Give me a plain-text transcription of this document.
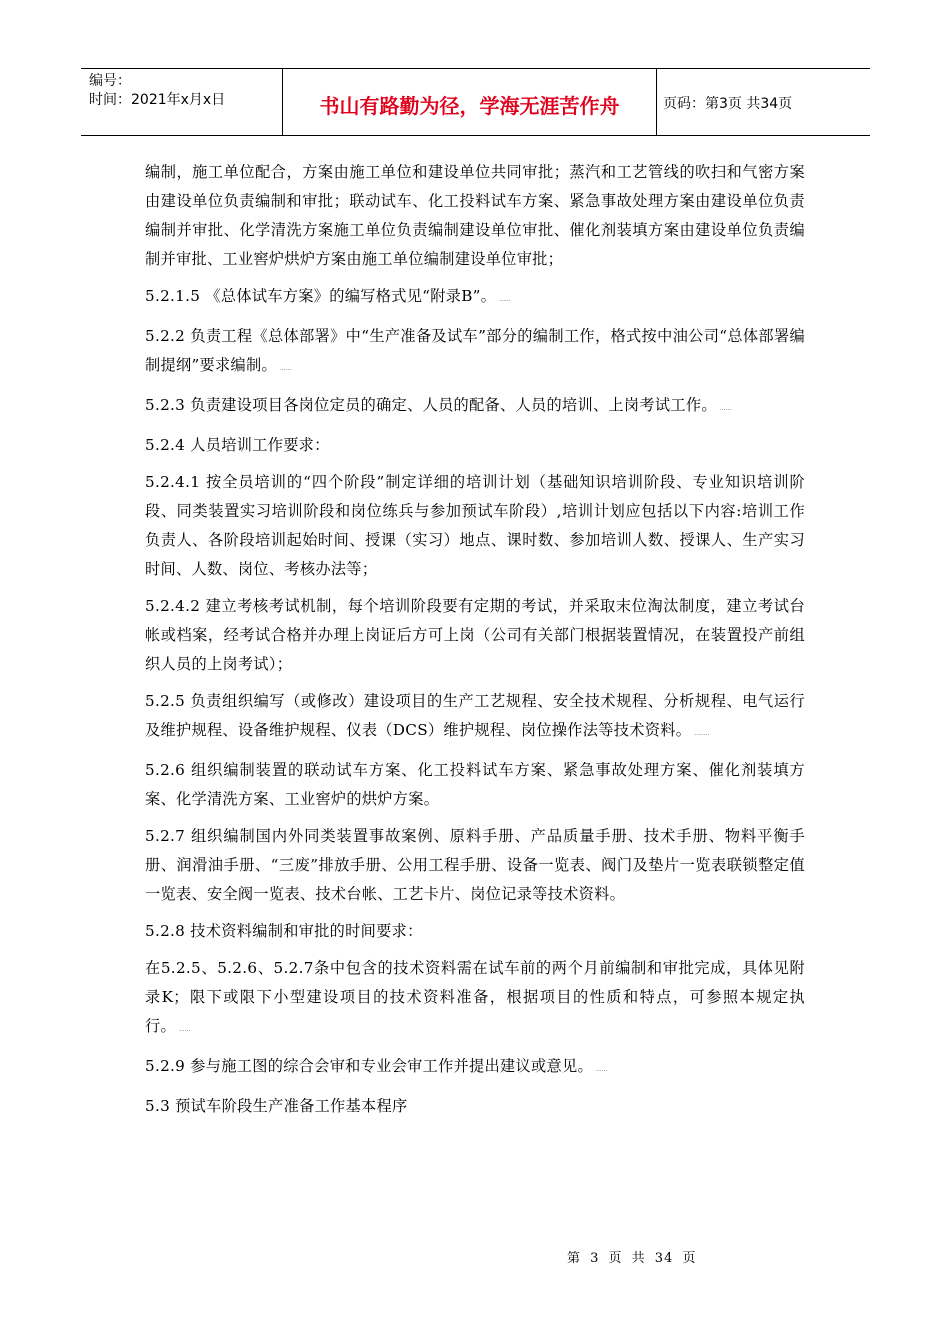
编号：
时间：2021年x月x日	书山有路勤为径，学海无涯苦作舟	页码：第3页 共34页

编制，施工单位配合，方案由施工单位和建设单位共同审批；蒸汽和工艺管线的吹扫和气密方案由建设单位负责编制和审批；联动试车、化工投料试车方案、紧急事故处理方案由建设单位负责编制并审批、化学清洗方案施工单位负责编制建设单位审批、催化剂装填方案由建设单位负责编制并审批、工业窖炉烘炉方案由施工单位编制建设单位审批；

5.2.1.5 《总体试车方案》的编写格式见“附录B”。 ......

5.2.2 负责工程《总体部署》中“生产准备及试车”部分的编制工作，格式按中油公司“总体部署编制提纲”要求编制。 ......

5.2.3 负责建设项目各岗位定员的确定、人员的配备、人员的培训、上岗考试工作。 ......

5.2.4 人员培训工作要求：

5.2.4.1 按全员培训的“四个阶段”制定详细的培训计划（基础知识培训阶段、专业知识培训阶段、同类装置实习培训阶段和岗位练兵与参加预试车阶段）,培训计划应包括以下内容:培训工作负责人、各阶段培训起始时间、授课（实习）地点、课时数、参加培训人数、授课人、生产实习时间、人数、岗位、考核办法等；

5.2.4.2 建立考核考试机制，每个培训阶段要有定期的考试，并采取末位淘汰制度，建立考试台帐或档案，经考试合格并办理上岗证后方可上岗（公司有关部门根据装置情况，在装置投产前组织人员的上岗考试）；

5.2.5 负责组织编写（或修改）建设项目的生产工艺规程、安全技术规程、分析规程、电气运行及维护规程、设备维护规程、仪表（DCS）维护规程、岗位操作法等技术资料。 ........

5.2.6 组织编制装置的联动试车方案、化工投料试车方案、紧急事故处理方案、催化剂装填方案、化学清洗方案、工业窖炉的烘炉方案。

5.2.7 组织编制国内外同类装置事故案例、原料手册、产品质量手册、技术手册、物料平衡手册、润滑油手册、“三废”排放手册、公用工程手册、设备一览表、阀门及垫片一览表联锁整定值一览表、安全阀一览表、技术台帐、工艺卡片、岗位记录等技术资料。

5.2.8 技术资料编制和审批的时间要求：

在5.2.5、5.2.6、5.2.7条中包含的技术资料需在试车前的两个月前编制和审批完成，具体见附录K；限下或限下小型建设项目的技术资料准备，根据项目的性质和特点，可参照本规定执行。 ......

5.2.9 参与施工图的综合会审和专业会审工作并提出建议或意见。 ......

5.3 预试车阶段生产准备工作基本程序

第 3 页 共 34 页
